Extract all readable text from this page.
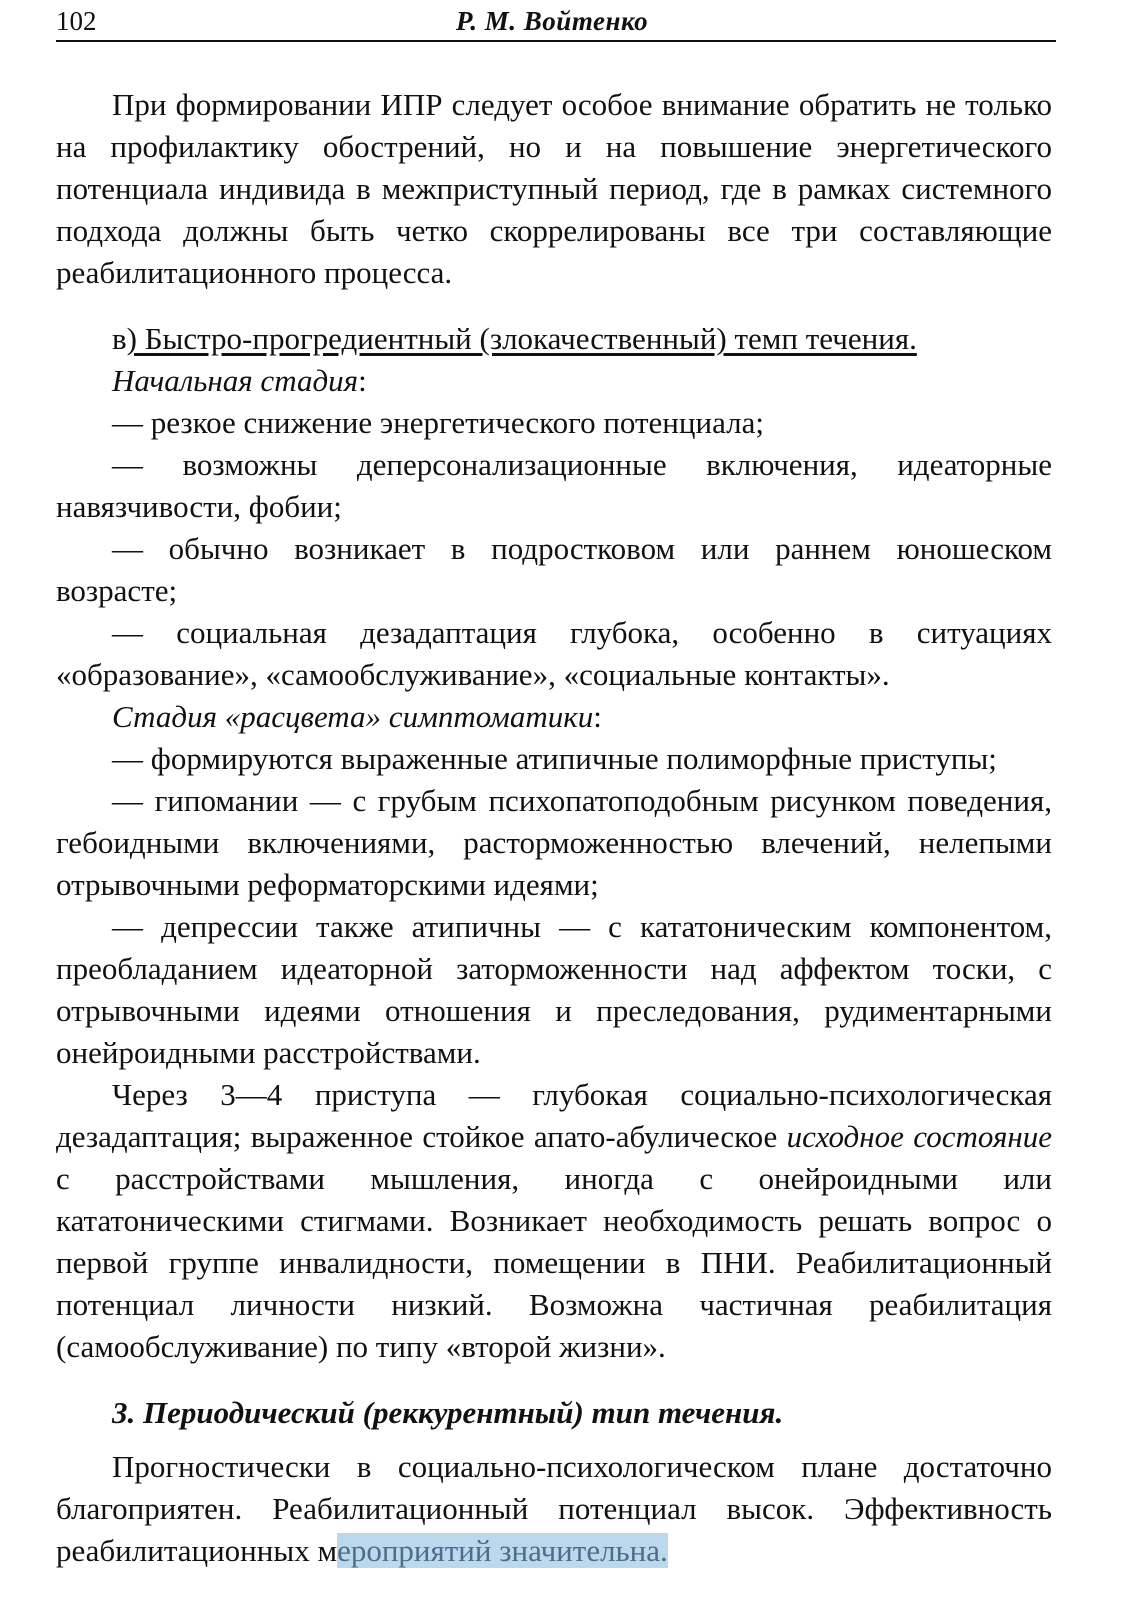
102	Р. М. Войтенко

При формировании ИПР следует особое внимание обратить не только на профилактику обострений, но и на повышение энергетического потенциала индивида в межприступный период, где в рамках системного подхода должны быть четко скоррелированы все три составляющие реабилитационного процесса.

в) Быстро-прогредиентный (злокачественный) темп течения.

Начальная стадия:

— резкое снижение энергетического потенциала;

— возможны деперсонализационные включения, идеаторные навязчивости, фобии;

— обычно возникает в подростковом или раннем юношеском возрасте;

— социальная дезадаптация глубока, особенно в ситуациях «образование», «самообслуживание», «социальные контакты».

Стадия «расцвета» симптоматики:

— формируются выраженные атипичные полиморфные приступы;

— гипомании — с грубым психопатоподобным рисунком поведения, гебоидными включениями, расторможенностью влечений, нелепыми отрывочными реформаторскими идеями;

— депрессии также атипичны — с кататоническим компонентом, преобладанием идеаторной заторможенности над аффектом тоски, с отрывочными идеями отношения и преследования, рудиментарными онейроидными расстройствами.

Через 3—4 приступа — глубокая социально-психологическая дезадаптация; выраженное стойкое апато-абулическое исходное состояние с расстройствами мышления, иногда с онейроидными или кататоническими стигмами. Возникает необходимость решать вопрос о первой группе инвалидности, помещении в ПНИ. Реабилитационный потенциал личности низкий. Возможна частичная реабилитация (самообслуживание) по типу «второй жизни».

3. Периодический (реккурентный) тип течения.

Прогностически в социально-психологическом плане достаточно благоприятен. Реабилитационный потенциал высок. Эффективность реабилитационных мероприятий значительна.
